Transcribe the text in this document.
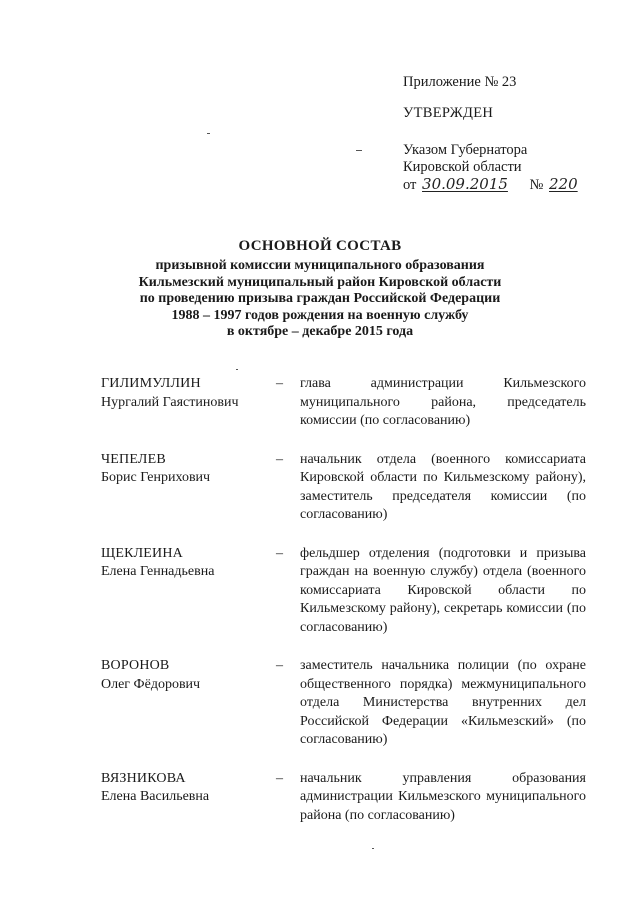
Приложение № 23

УТВЕРЖДЕН

Указом Губернатора

Кировской области

от 30.09.2015 № 220

ОСНОВНОЙ СОСТАВ

призывной комиссии муниципального образования

Кильмезский муниципальный район Кировской области

по проведению призыва граждан Российской Федерации

1988 – 1997 годов рождения на военную службу

в октябре – декабре 2015 года

ГИЛИМУЛЛИН
Нургалий Гаястинович
–	глава администрации Кильмезского муниципального района, председатель комиссии (по согласованию)
ЧЕПЕЛЕВ
Борис Генрихович
–	начальник отдела (военного комиссариата Кировской области по Кильмезскому району), заместитель председателя комиссии (по согласованию)
ЩЕКЛЕИНА
Елена Геннадьевна
–	фельдшер отделения (подготовки и призыва граждан на военную службу) отдела (военного комиссариата Кировской области по Кильмезскому району), секретарь комиссии (по согласованию)
ВОРОНОВ
Олег Фёдорович
–	заместитель начальника полиции (по охране общественного порядка) межмуниципального отдела Министерства внутренних дел Российской Федерации «Кильмезский» (по согласованию)
ВЯЗНИКОВА
Елена Васильевна
–	начальник управления образования администрации Кильмезского муниципального района (по согласованию)
